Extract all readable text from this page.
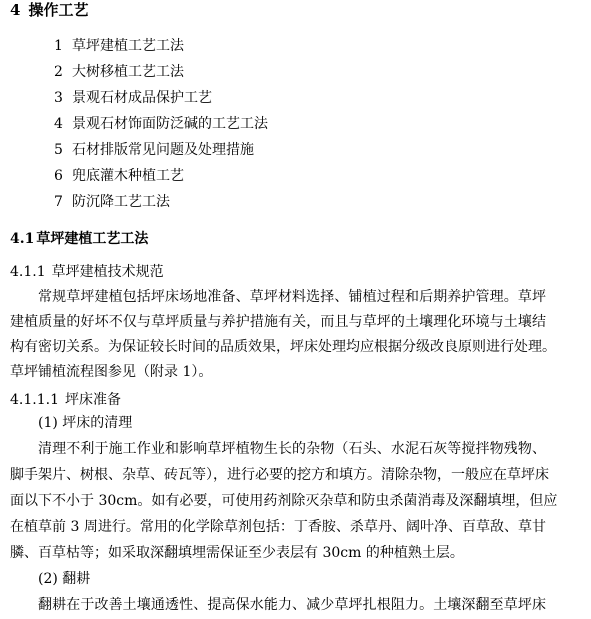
4 操作工艺
1 草坪建植工艺工法
2 大树移植工艺工法
3 景观石材成品保护工艺
4 景观石材饰面防泛碱的工艺工法
5 石材排版常见问题及处理措施
6 兜底灌木种植工艺
7 防沉降工艺工法
4.1 草坪建植工艺工法
4.1.1 草坪建植技术规范
常规草坪建植包括坪床场地准备、草坪材料选择、铺植过程和后期养护管理。草坪
建植质量的好坏不仅与草坪质量与养护措施有关，而且与草坪的土壤理化环境与土壤结
构有密切关系。为保证较长时间的品质效果，坪床处理均应根据分级改良原则进行处理。
草坪铺植流程图参见（附录 1）。
4.1.1.1 坪床准备
(1) 坪床的清理
清理不利于施工作业和影响草坪植物生长的杂物（石头、水泥石灰等搅拌物残物、
脚手架片、树根、杂草、砖瓦等），进行必要的挖方和填方。清除杂物，一般应在草坪床
面以下不小于 30cm。如有必要，可使用药剂除灭杂草和防虫杀菌消毒及深翻填埋，但应
在植草前 3 周进行。常用的化学除草剂包括：丁香胺、杀草丹、阔叶净、百草敌、草甘
膦、百草枯等；如采取深翻填埋需保证至少表层有 30cm 的种植熟土层。
(2) 翻耕
翻耕在于改善土壤通透性、提高保水能力、减少草坪扎根阻力。土壤深翻至草坪床
